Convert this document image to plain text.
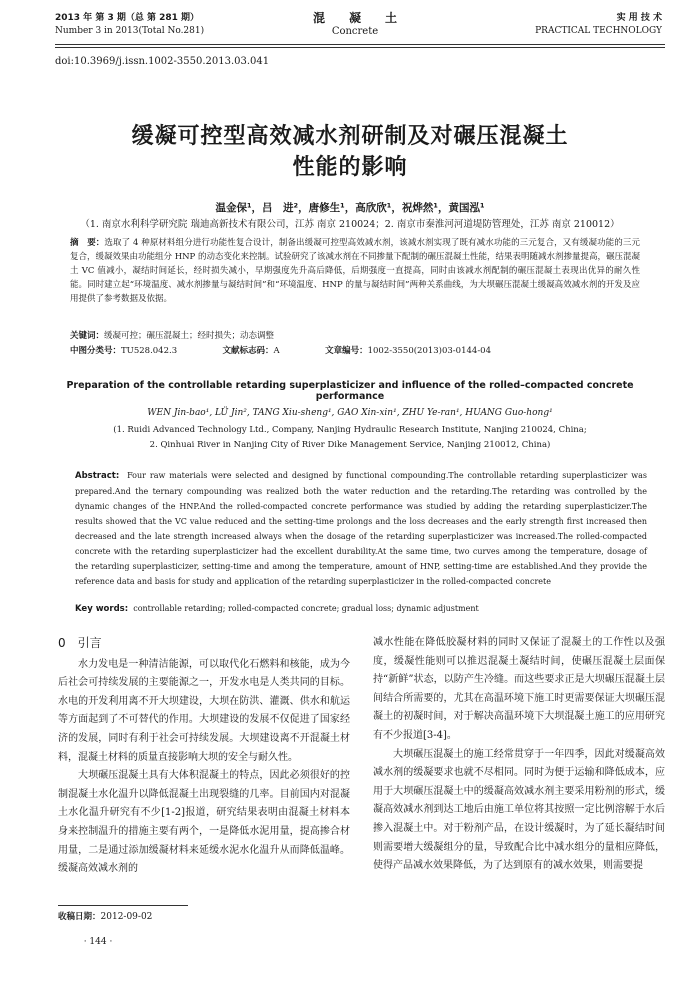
2013 年 第 3 期（总 第 281 期）
Number 3 in 2013(Total No.281)
混　　凝　　土
Concrete
实 用 技 术
PRACTICAL TECHNOLOGY
doi:10.3969/j.issn.1002-3550.2013.03.041
缓凝可控型高效减水剂研制及对碾压混凝土
性能的影响
温金保¹，吕　进²，唐修生¹，高欣欣¹，祝烨然¹，黄国泓¹
（1. 南京水利科学研究院 瑞迪高新技术有限公司，江苏 南京 210024；2. 南京市秦淮河河道堤防管理处，江苏 南京 210012）
摘　要：选取了 4 种原材料组分进行功能性复合设计，制备出缓凝可控型高效减水剂，该减水剂实现了既有减水功能的三元复合，又有缓凝功能的三元复合，缓凝效果由功能组分 HNP 的动态变化来控制。试验研究了该减水剂在不同掺量下配制的碾压混凝土性能，结果表明随减水剂掺量提高，碾压混凝土 VC 值减小，凝结时间延长，经时损失减小，早期强度先升高后降低，后期强度一直提高，同时由该减水剂配制的碾压混凝土表现出优异的耐久性能。同时建立起“环境温度、减水剂掺量与凝结时间”和“环境温度、HNP 的量与凝结时间”两种关系曲线，为大坝碾压混凝土缓凝高效减水剂的开发及应用提供了参考数据及依据。
关键词：缓凝可控；碾压混凝土；经时损失；动态调整
中图分类号：TU528.042.3	文献标志码：A	文章编号：1002-3550(2013)03-0144-04
Preparation of the controllable retarding superplasticizer and influence of the rolled–compacted concrete performance
WEN Jin-bao¹, LÜ Jin², TANG Xiu-sheng¹, GAO Xin-xin¹, ZHU Ye-ran¹, HUANG Guo-hong¹
(1. Ruidi Advanced Technology Ltd., Company, Nanjing Hydraulic Research Institute, Nanjing 210024, China;
2. Qinhuai River in Nanjing City of River Dike Management Service, Nanjing 210012, China)
Abstract: Four raw materials were selected and designed by functional compounding.The controllable retarding superplasticizer was prepared.And the ternary compounding was realized both the water reduction and the retarding.The retarding was controlled by the dynamic changes of the HNP.And the rolled-compacted concrete performance was studied by adding the retarding superplasticizer.The results showed that the VC value reduced and the setting-time prolongs and the loss decreases and the early strength first increased then decreased and the late strength increased always when the dosage of the retarding superplasticizer was increased.The rolled-compacted concrete with the retarding superplasticizer had the excellent durability.At the same time, two curves among the temperature, dosage of the retarding superplasticizer, setting-time and among the temperature, amount of HNP, setting-time are established.And they provide the reference data and basis for study and application of the retarding superplasticizer in the rolled-compacted concrete
Key words: controllable retarding; rolled-compacted concrete; gradual loss; dynamic adjustment
0　引言

水力发电是一种清洁能源，可以取代化石燃料和核能，成为今后社会可持续发展的主要能源之一，开发水电是人类共同的目标。水电的开发利用离不开大坝建设，大坝在防洪、灌溉、供水和航运等方面起到了不可替代的作用。大坝建设的发展不仅促进了国家经济的发展，同时有利于社会可持续发展。大坝建设离不开混凝土材料，混凝土材料的质量直接影响大坝的安全与耐久性。

大坝碾压混凝土具有大体积混凝土的特点，因此必须很好的控制混凝土水化温升以降低混凝土出现裂缝的几率。目前国内对混凝土水化温升研究有不少[1-2]报道，研究结果表明由混凝土材料本身来控制温升的措施主要有两个，一是降低水泥用量，提高掺合材用量，二是通过添加缓凝材料来延缓水泥水化温升从而降低温峰。缓凝高效减水剂的

减水性能在降低胶凝材料的同时又保证了混凝土的工作性以及强度，缓凝性能则可以推迟混凝土凝结时间，使碾压混凝土层面保持“新鲜”状态，以防产生冷缝。而这些要求正是大坝碾压混凝土层间结合所需要的，尤其在高温环境下施工时更需要保证大坝碾压混凝土的初凝时间，对于解决高温环境下大坝混凝土施工的应用研究有不少报道[3-4]。

大坝碾压混凝土的施工经常贯穿于一年四季，因此对缓凝高效减水剂的缓凝要求也就不尽相同。同时为便于运输和降低成本，应用于大坝碾压混凝土中的缓凝高效减水剂主要采用粉剂的形式，缓凝高效减水剂到达工地后由施工单位将其按照一定比例溶解于水后掺入混凝土中。对于粉剂产品，在设计缓凝时，为了延长凝结时间则需要增大缓凝组分的量，导致配合比中减水组分的量相应降低，使得产品减水效果降低，为了达到原有的减水效果，则需要提

收稿日期：2012-09-02
· 144 ·
